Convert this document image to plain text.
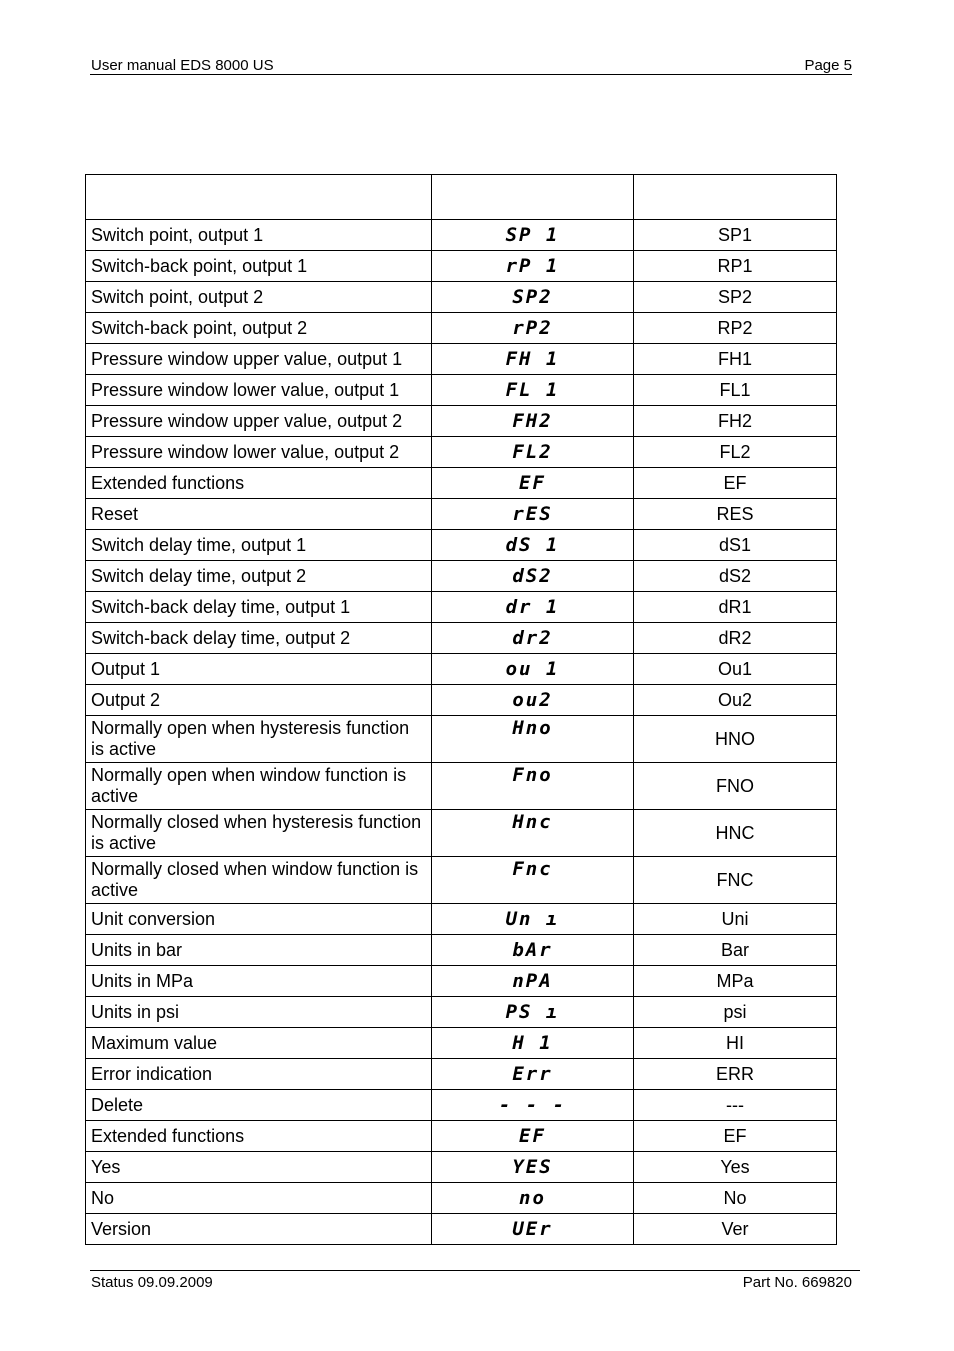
User manual EDS 8000 US	Page 5

Switch point, output 1	SP 1	SP1
Switch-back point, output 1	rP 1	RP1
Switch point, output 2	SP2	SP2
Switch-back point, output 2	rP2	RP2
Pressure window upper value, output 1	FH 1	FH1
Pressure window lower value, output 1	FL 1	FL1
Pressure window upper value, output 2	FH2	FH2
Pressure window lower value, output 2	FL2	FL2
Extended functions	EF	EF
Reset	rES	RES
Switch delay time, output 1	dS 1	dS1
Switch delay time, output 2	dS2	dS2
Switch-back delay time, output 1	dr 1	dR1
Switch-back delay time, output 2	dr2	dR2
Output 1	ou 1	Ou1
Output 2	ou2	Ou2
Normally open when hysteresis function is active	Hno	HNO
Normally open when window function is active	Fno	FNO
Normally closed when hysteresis function is active	Hnc	HNC
Normally closed when window function is active	Fnc	FNC
Unit conversion	Un ı	Uni
Units in bar	bAr	Bar
Units in MPa	nPA	MPa
Units in psi	PS ı	psi
Maximum value	H 1	HI
Error indication	Err	ERR
Delete	- - -	---
Extended functions	EF	EF
Yes	YES	Yes
No	no	No
Version	UEr	Ver
Status 09.09.2009	Part No. 669820
